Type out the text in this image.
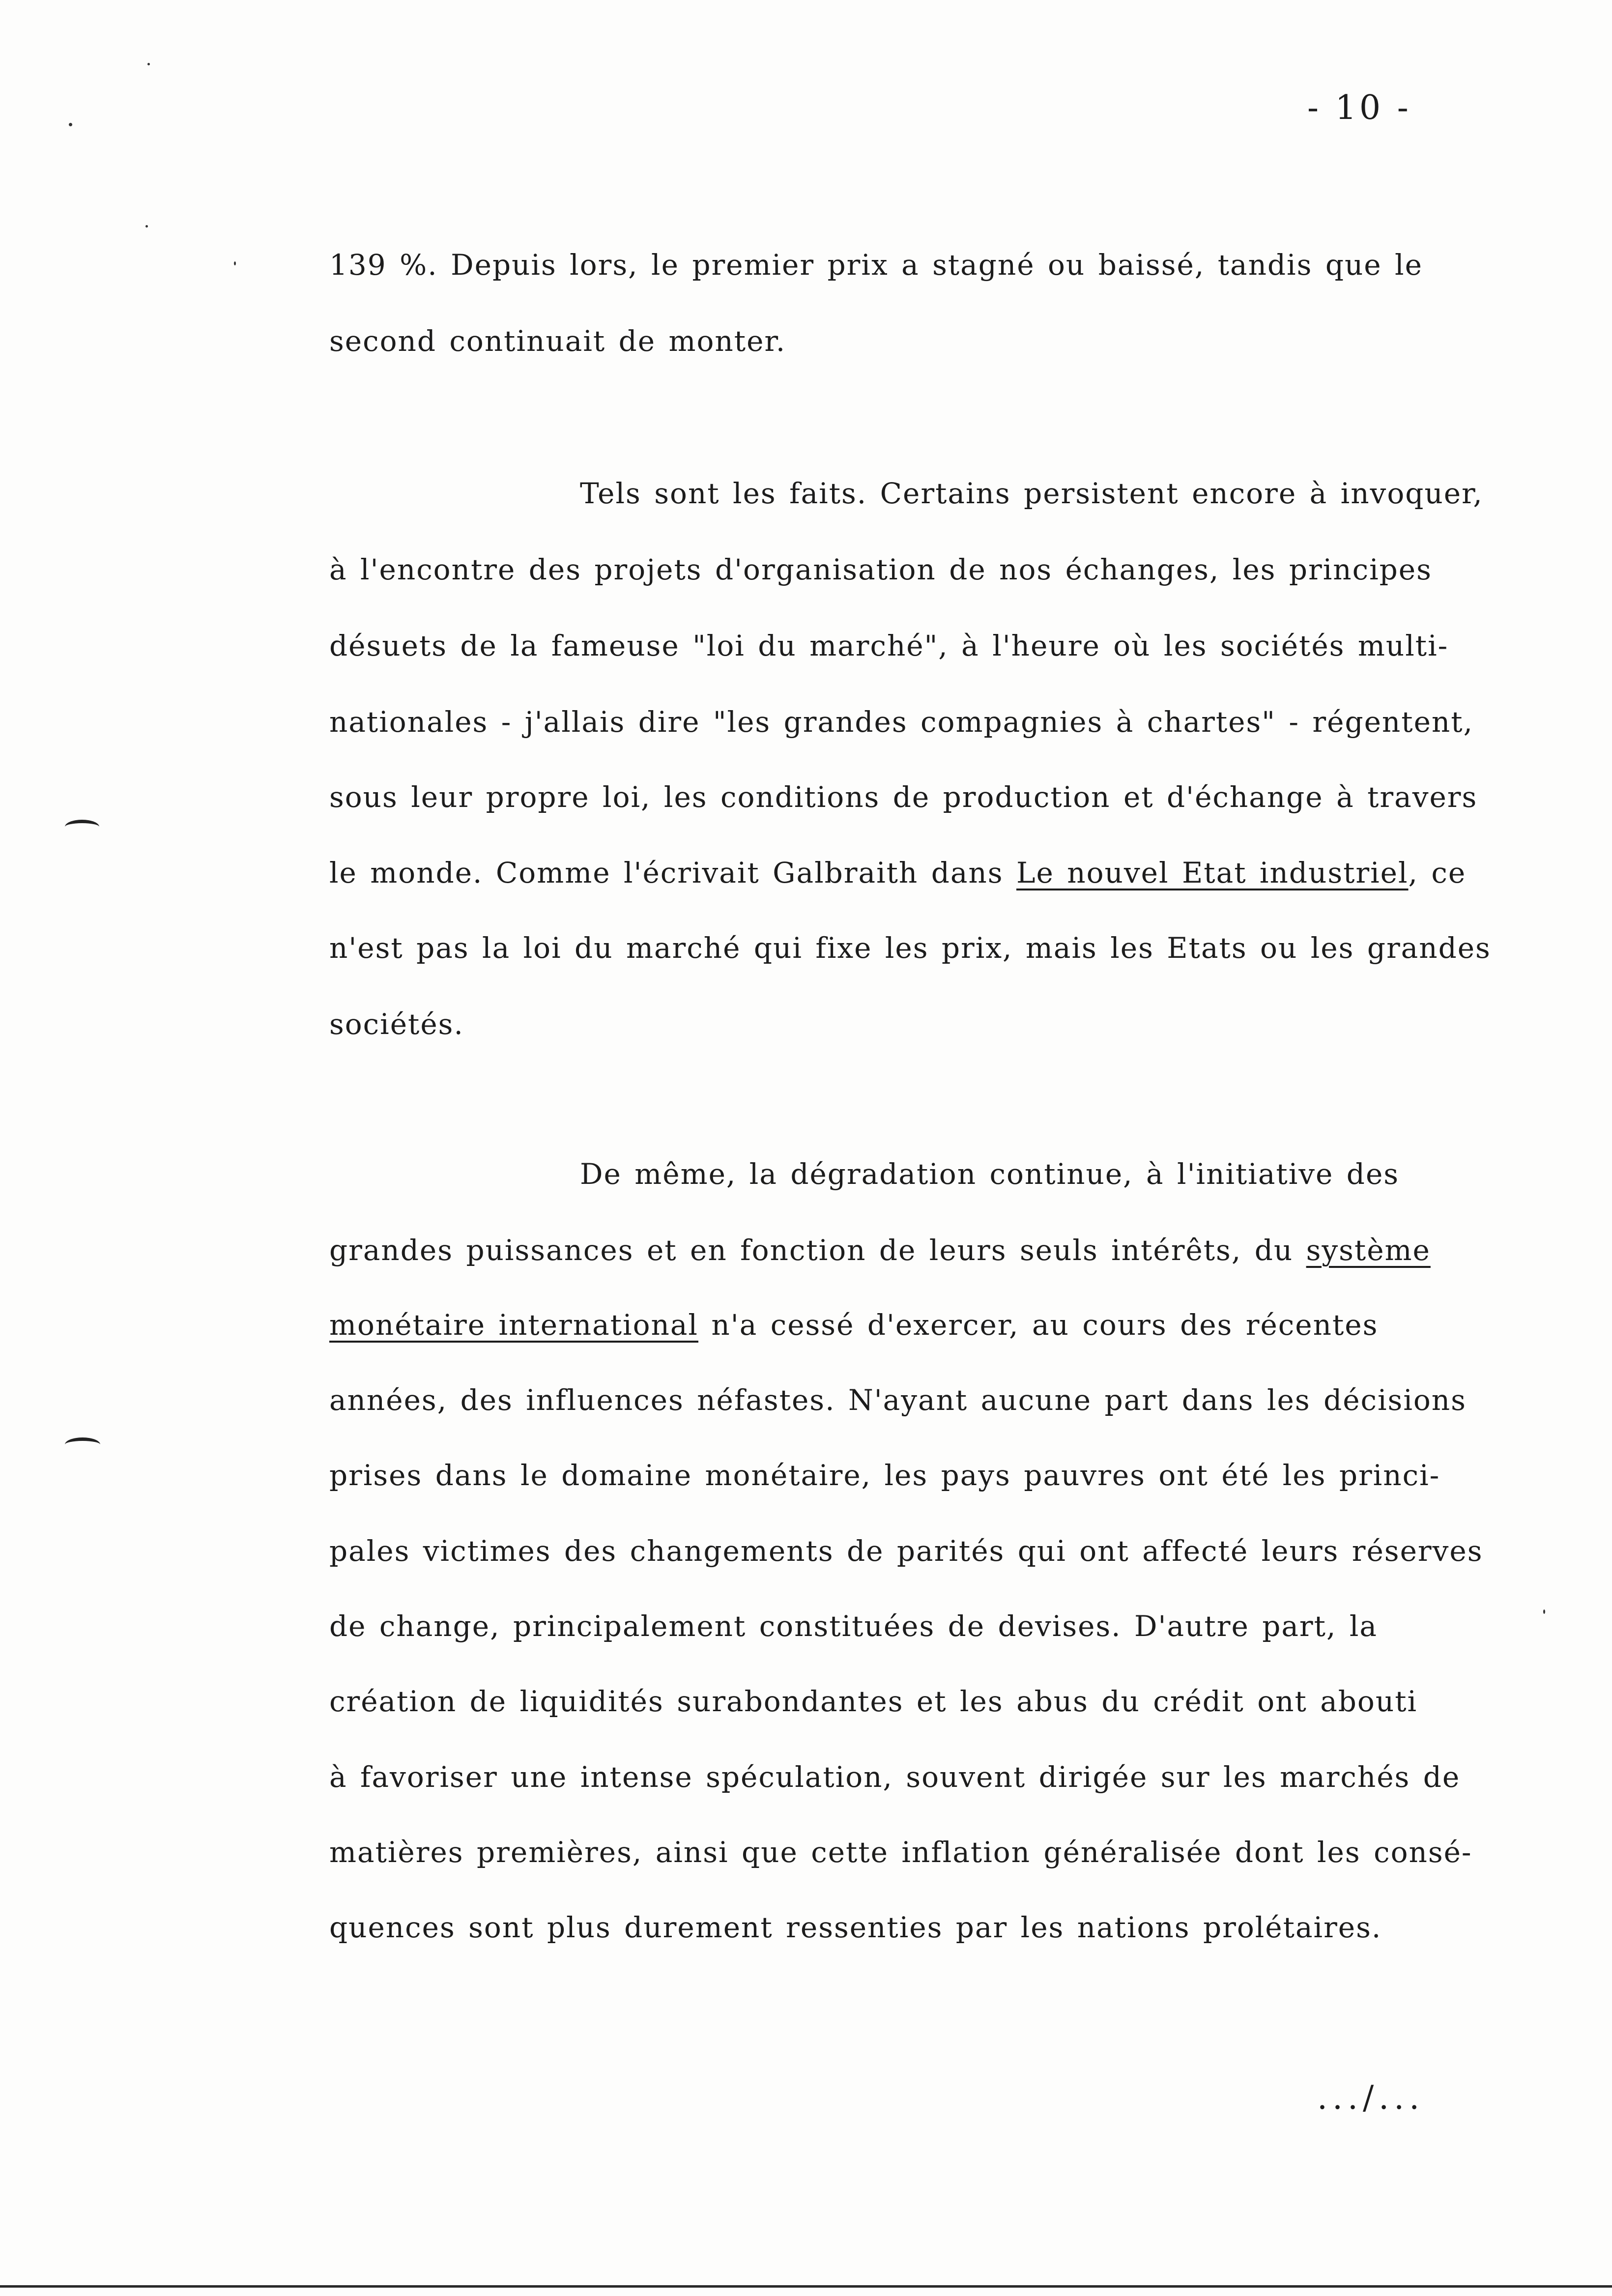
- 10 -
139 %. Depuis lors, le premier prix a stagné ou baissé, tandis que le
second continuait de monter.
Tels sont les faits. Certains persistent encore à invoquer,
à l'encontre des projets d'organisation de nos échanges, les principes
désuets de la fameuse "loi du marché", à l'heure où les sociétés multi-
nationales - j'allais dire "les grandes compagnies à chartes" - régentent,
sous leur propre loi, les conditions de production et d'échange à travers
le monde. Comme l'écrivait Galbraith dans Le nouvel Etat industriel, ce
n'est pas la loi du marché qui fixe les prix, mais les Etats ou les grandes
sociétés.
De même, la dégradation continue, à l'initiative des
grandes puissances et en fonction de leurs seuls intérêts, du système
monétaire international n'a cessé d'exercer, au cours des récentes
années, des influences néfastes. N'ayant aucune part dans les décisions
prises dans le domaine monétaire, les pays pauvres ont été les princi-
pales victimes des changements de parités qui ont affecté leurs réserves
de change, principalement constituées de devises. D'autre part, la
création de liquidités surabondantes et les abus du crédit ont abouti
à favoriser une intense spéculation, souvent dirigée sur les marchés de
matières premières, ainsi que cette inflation généralisée dont les consé-
quences sont plus durement ressenties par les nations prolétaires.
.../...
